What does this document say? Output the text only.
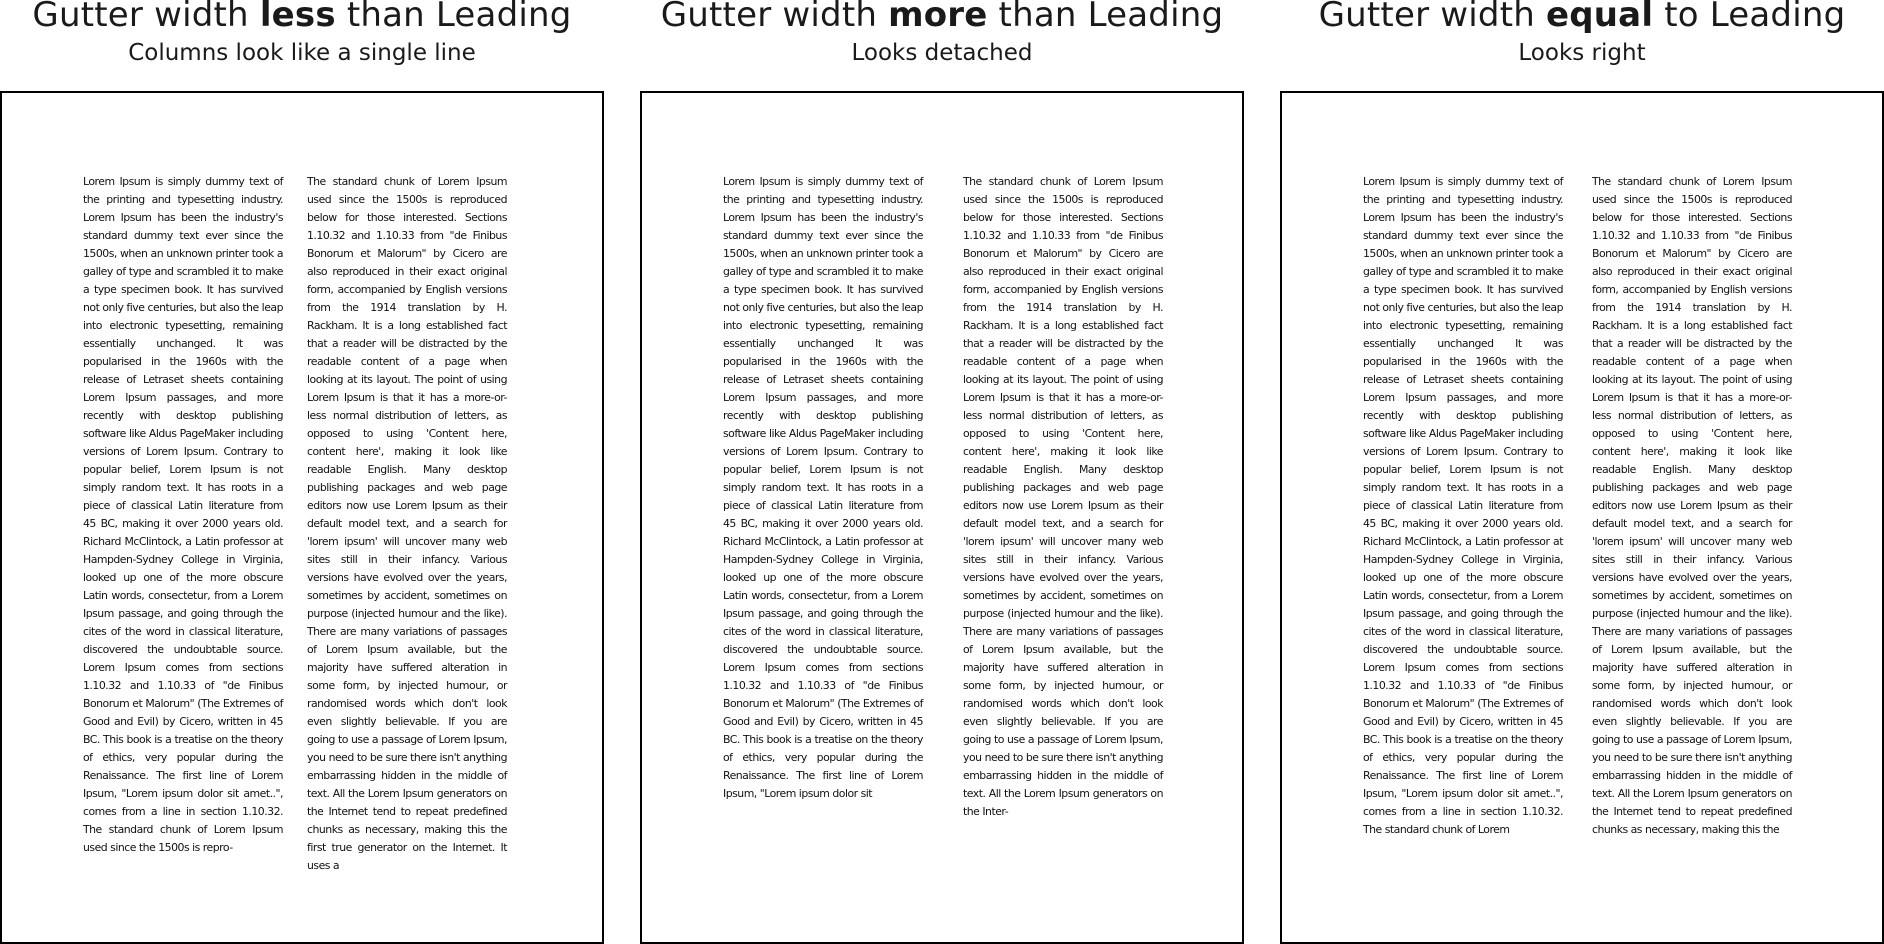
Gutter width less than Leading
Columns look like a single line
Lorem Ipsum is simply dummy text of the printing and typesetting industry. Lorem Ipsum has been the industry's standard dummy text ever since the 1500s, when an unknown printer took a galley of type and scrambled it to make a type specimen book. It has survived not only five centuries, but also the leap into electronic typesetting, remaining essentially unchanged. It was popularised in the 1960s with the release of Letraset sheets containing Lorem Ipsum passages, and more recently with desktop publishing software like Aldus PageMaker including versions of Lorem Ipsum. Contrary to popular belief, Lorem Ipsum is not simply random text. It has roots in a piece of classical Latin literature from 45 BC, making it over 2000 years old. Richard McClintock, a Latin professor at Hampden-Sydney College in Virginia, looked up one of the more obscure Latin words, consectetur, from a Lorem Ipsum passage, and going through the cites of the word in classical literature, discovered the undoubtable source. Lorem Ipsum comes from sections 1.10.32 and 1.10.33 of "de Finibus Bonorum et Malorum" (The Extremes of Good and Evil) by Cicero, written in 45 BC. This book is a treatise on the theory of ethics, very popular during the Renaissance. The first line of Lorem Ipsum, "Lorem ipsum dolor sit amet..", comes from a line in section 1.10.32. The standard chunk of Lorem Ipsum used since the 1500s is repro-
The standard chunk of Lorem Ipsum used since the 1500s is reproduced below for those interested. Sections 1.10.32 and 1.10.33 from "de Finibus Bonorum et Malorum" by Cicero are also reproduced in their exact original form, accompanied by English versions from the 1914 translation by H. Rackham. It is a long established fact that a reader will be distracted by the readable content of a page when looking at its layout. The point of using Lorem Ipsum is that it has a more-or-less normal distribution of letters, as opposed to using 'Content here, content here', making it look like readable English. Many desktop publishing packages and web page editors now use Lorem Ipsum as their default model text, and a search for 'lorem ipsum' will uncover many web sites still in their infancy. Various versions have evolved over the years, sometimes by accident, sometimes on purpose (injected humour and the like). There are many variations of passages of Lorem Ipsum available, but the majority have suffered alteration in some form, by injected humour, or randomised words which don't look even slightly believable. If you are going to use a passage of Lorem Ipsum, you need to be sure there isn't anything embarrassing hidden in the middle of text. All the Lorem Ipsum generators on the Internet tend to repeat predefined chunks as necessary, making this the first true generator on the Internet. It uses a
Gutter width more than Leading
Looks detached
Lorem Ipsum is simply dummy text of the printing and typesetting industry. Lorem Ipsum has been the industry's standard dummy text ever since the 1500s, when an unknown printer took a galley of type and scrambled it to make a type specimen book. It has survived not only five centuries, but also the leap into electronic typesetting, remaining essentially unchanged It was popularised in the 1960s with the release of Letraset sheets containing Lorem Ipsum passages, and more recently with desktop publishing software like Aldus PageMaker including versions of Lorem Ipsum. Contrary to popular belief, Lorem Ipsum is not simply random text. It has roots in a piece of classical Latin literature from 45 BC, making it over 2000 years old. Richard McClintock, a Latin professor at Hampden-Sydney College in Virginia, looked up one of the more obscure Latin words, consectetur, from a Lorem Ipsum passage, and going through the cites of the word in classical literature, discovered the undoubtable source. Lorem Ipsum comes from sections 1.10.32 and 1.10.33 of "de Finibus Bonorum et Malorum" (The Extremes of Good and Evil) by Cicero, written in 45 BC. This book is a treatise on the theory of ethics, very popular during the Renaissance. The first line of Lorem Ipsum, "Lorem ipsum dolor sit
The standard chunk of Lorem Ipsum used since the 1500s is reproduced below for those interested. Sections 1.10.32 and 1.10.33 from "de Finibus Bonorum et Malorum" by Cicero are also reproduced in their exact original form, accompanied by English versions from the 1914 translation by H. Rackham. It is a long established fact that a reader will be distracted by the readable content of a page when looking at its layout. The point of using Lorem Ipsum is that it has a more-or-less normal distribution of letters, as opposed to using 'Content here, content here', making it look like readable English. Many desktop publishing packages and web page editors now use Lorem Ipsum as their default model text, and a search for 'lorem ipsum' will uncover many web sites still in their infancy. Various versions have evolved over the years, sometimes by accident, sometimes on purpose (injected humour and the like). There are many variations of passages of Lorem Ipsum available, but the majority have suffered alteration in some form, by injected humour, or randomised words which don't look even slightly believable. If you are going to use a passage of Lorem Ipsum, you need to be sure there isn't anything embarrassing hidden in the middle of text. All the Lorem Ipsum generators on the Inter-
Gutter width equal to Leading
Looks right
Lorem Ipsum is simply dummy text of the printing and typesetting industry. Lorem Ipsum has been the industry's standard dummy text ever since the 1500s, when an unknown printer took a galley of type and scrambled it to make a type specimen book. It has survived not only five centuries, but also the leap into electronic typesetting, remaining essentially unchanged It was popularised in the 1960s with the release of Letraset sheets containing Lorem Ipsum passages, and more recently with desktop publishing software like Aldus PageMaker including versions of Lorem Ipsum. Contrary to popular belief, Lorem Ipsum is not simply random text. It has roots in a piece of classical Latin literature from 45 BC, making it over 2000 years old. Richard McClintock, a Latin professor at Hampden-Sydney College in Virginia, looked up one of the more obscure Latin words, consectetur, from a Lorem Ipsum passage, and going through the cites of the word in classical literature, discovered the undoubtable source. Lorem Ipsum comes from sections 1.10.32 and 1.10.33 of "de Finibus Bonorum et Malorum" (The Extremes of Good and Evil) by Cicero, written in 45 BC. This book is a treatise on the theory of ethics, very popular during the Renaissance. The first line of Lorem Ipsum, "Lorem ipsum dolor sit amet..", comes from a line in section 1.10.32. The standard chunk of Lorem
The standard chunk of Lorem Ipsum used since the 1500s is reproduced below for those interested. Sections 1.10.32 and 1.10.33 from "de Finibus Bonorum et Malorum" by Cicero are also reproduced in their exact original form, accompanied by English versions from the 1914 translation by H. Rackham. It is a long established fact that a reader will be distracted by the readable content of a page when looking at its layout. The point of using Lorem Ipsum is that it has a more-or-less normal distribution of letters, as opposed to using 'Content here, content here', making it look like readable English. Many desktop publishing packages and web page editors now use Lorem Ipsum as their default model text, and a search for 'lorem ipsum' will uncover many web sites still in their infancy. Various versions have evolved over the years, sometimes by accident, sometimes on purpose (injected humour and the like). There are many variations of passages of Lorem Ipsum available, but the majority have suffered alteration in some form, by injected humour, or randomised words which don't look even slightly believable. If you are going to use a passage of Lorem Ipsum, you need to be sure there isn't anything embarrassing hidden in the middle of text. All the Lorem Ipsum generators on the Internet tend to repeat predefined chunks as necessary, making this the
